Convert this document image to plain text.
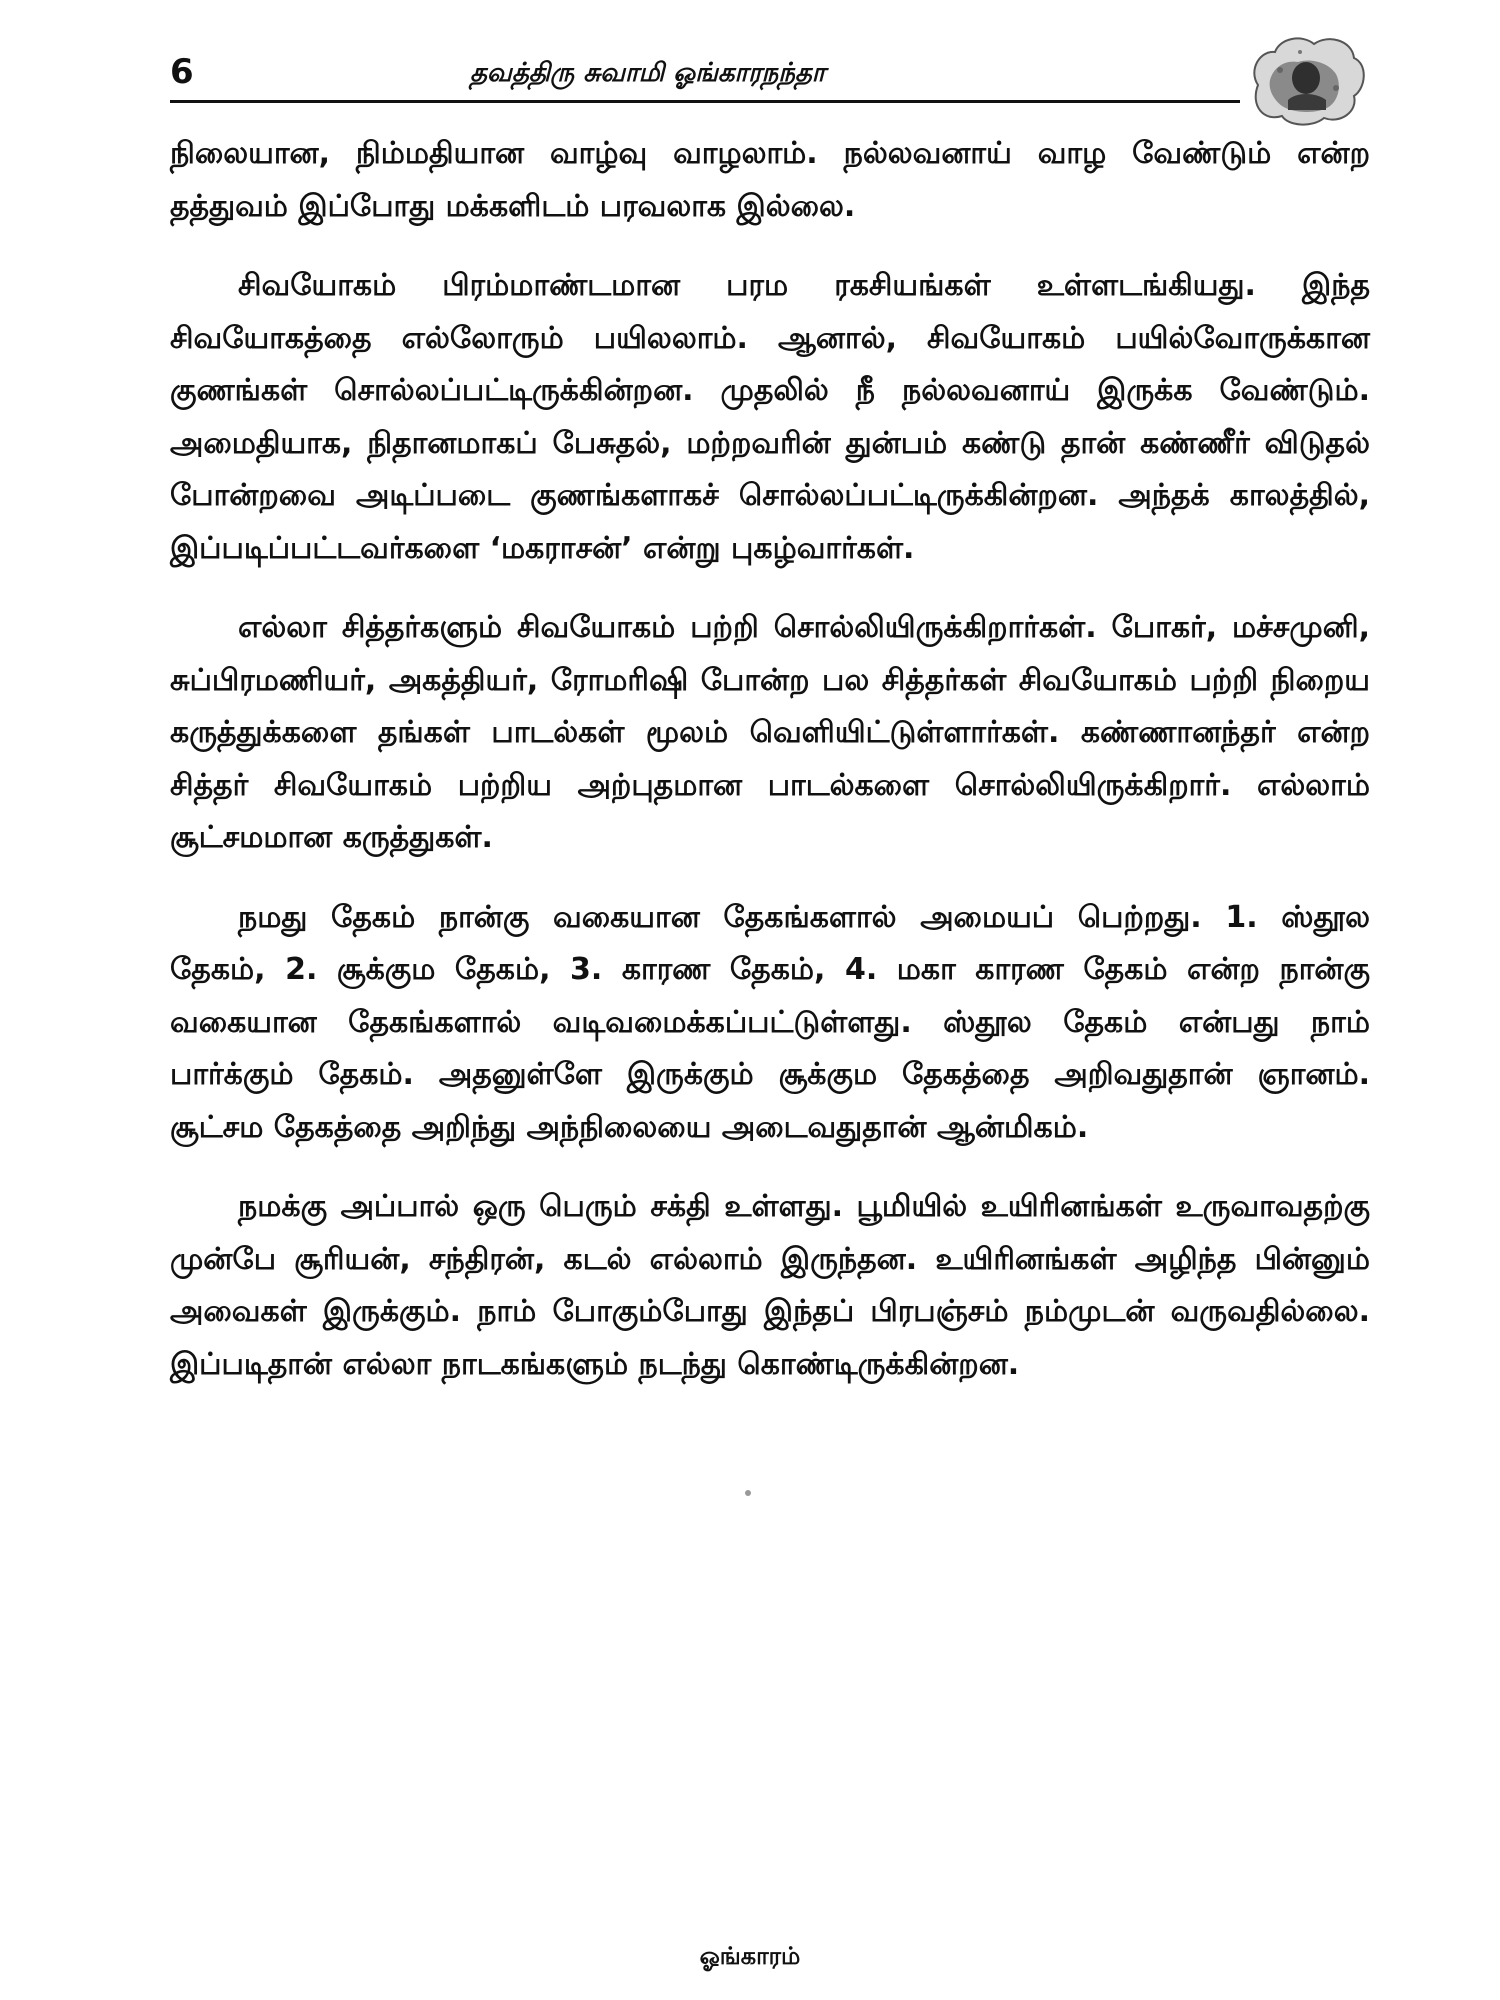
6	தவத்திரு சுவாமி ஓங்காரநந்தா

நிலையான, நிம்மதியான வாழ்வு வாழலாம். நல்லவனாய் வாழ வேண்டும் என்ற தத்துவம் இப்போது மக்களிடம் பரவலாக இல்லை.

சிவயோகம் பிரம்மாண்டமான பரம ரகசியங்கள் உள்ளடங்கியது. இந்த சிவயோகத்தை எல்லோரும் பயிலலாம். ஆனால், சிவயோகம் பயில்வோருக்கான குணங்கள் சொல்லப்பட்டிருக்கின்றன. முதலில் நீ நல்லவனாய் இருக்க வேண்டும். அமைதியாக, நிதானமாகப் பேசுதல், மற்றவரின் துன்பம் கண்டு தான் கண்ணீர் விடுதல் போன்றவை அடிப்படை குணங்களாகச் சொல்லப்பட்டிருக்கின்றன. அந்தக் காலத்தில், இப்படிப்பட்டவர்களை ‘மகராசன்’ என்று புகழ்வார்கள்.

எல்லா சித்தர்களும் சிவயோகம் பற்றி சொல்லியிருக்கிறார்கள். போகர், மச்சமுனி, சுப்பிரமணியர், அகத்தியர், ரோமரிஷி போன்ற பல சித்தர்கள் சிவயோகம் பற்றி நிறைய கருத்துக்களை தங்கள் பாடல்கள் மூலம் வெளியிட்டுள்ளார்கள். கண்ணானந்தர் என்ற சித்தர் சிவயோகம் பற்றிய அற்புதமான பாடல்களை சொல்லியிருக்கிறார். எல்லாம் சூட்சமமான கருத்துகள்.

நமது தேகம் நான்கு வகையான தேகங்களால் அமையப் பெற்றது. 1. ஸ்தூல தேகம், 2. சூக்கும தேகம், 3. காரண தேகம், 4. மகா காரண தேகம் என்ற நான்கு வகையான தேகங்களால் வடிவமைக்கப்பட்டுள்ளது. ஸ்தூல தேகம் என்பது நாம் பார்க்கும் தேகம். அதனுள்ளே இருக்கும் சூக்கும தேகத்தை அறிவதுதான் ஞானம். சூட்சம தேகத்தை அறிந்து அந்நிலையை அடைவதுதான் ஆன்மிகம்.

நமக்கு அப்பால் ஒரு பெரும் சக்தி உள்ளது. பூமியில் உயிரினங்கள் உருவாவதற்கு முன்பே சூரியன், சந்திரன், கடல் எல்லாம் இருந்தன. உயிரினங்கள் அழிந்த பின்னும் அவைகள் இருக்கும். நாம் போகும்போது இந்தப் பிரபஞ்சம் நம்முடன் வருவதில்லை. இப்படிதான் எல்லா நாடகங்களும் நடந்து கொண்டிருக்கின்றன.

ஓங்காரம்
